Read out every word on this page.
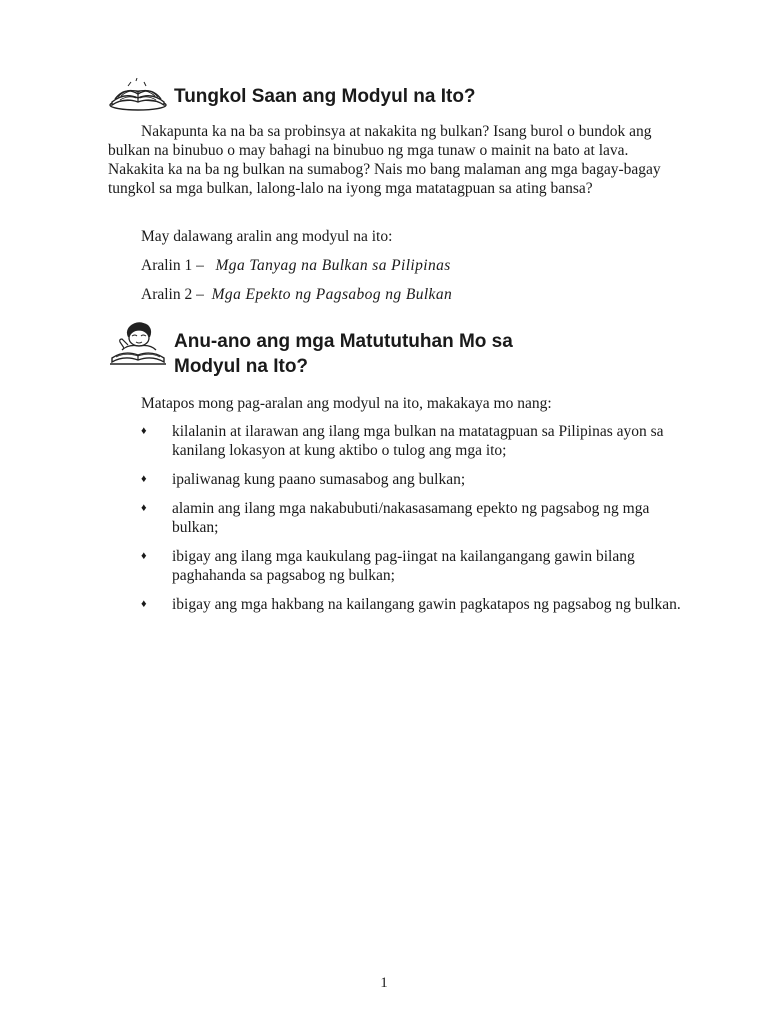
Tungkol Saan ang Modyul na Ito?

Nakapunta ka na ba sa probinsya at nakakita ng bulkan? Isang burol o bundok ang bulkan na binubuo o may bahagi na binubuo ng mga tunaw o mainit na bato at lava. Nakakita ka na ba ng bulkan na sumabog? Nais mo bang malaman ang mga bagay-bagay tungkol sa mga bulkan, lalong-lalo na iyong mga matatagpuan sa ating bansa?

May dalawang aralin ang modyul na ito:

Aralin 1 – Mga Tanyag na Bulkan sa Pilipinas

Aralin 2 – Mga Epekto ng Pagsabog ng Bulkan

Anu-ano ang mga Matututuhan Mo sa
Modyul na Ito?

Matapos mong pag-aralan ang modyul na ito, makakaya mo nang:

♦ kilalanin at ilarawan ang ilang mga bulkan na matatagpuan sa Pilipinas ayon sa kanilang lokasyon at kung aktibo o tulog ang mga ito;
♦ ipaliwanag kung paano sumasabog ang bulkan;
♦ alamin ang ilang mga nakabubuti/nakasasamang epekto ng pagsabog ng mga bulkan;
♦ ibigay ang ilang mga kaukulang pag-iingat na kailangangang gawin bilang paghahanda sa pagsabog ng bulkan;
♦ ibigay ang mga hakbang na kailangang gawin pagkatapos ng pagsabog ng bulkan.
1
